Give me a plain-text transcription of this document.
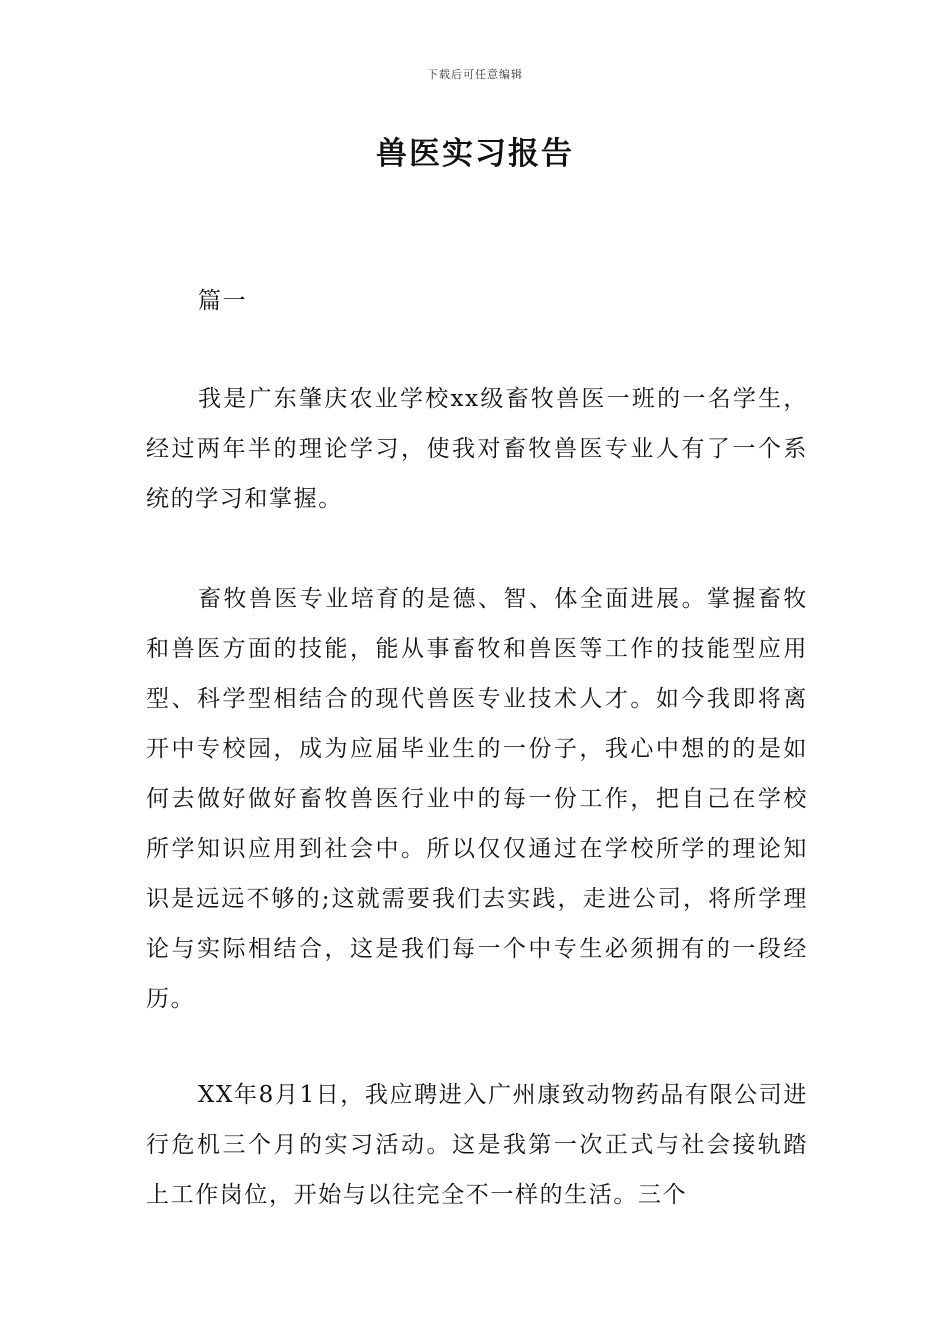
下载后可任意编辑
兽医实习报告

篇一

我是广东肇庆农业学校xx级畜牧兽医一班的一名学生，经过两年半的理论学习，使我对畜牧兽医专业人有了一个系统的学习和掌握。

畜牧兽医专业培育的是德、智、体全面进展。掌握畜牧和兽医方面的技能，能从事畜牧和兽医等工作的技能型应用型、科学型相结合的现代兽医专业技术人才。如今我即将离开中专校园，成为应届毕业生的一份子，我心中想的的是如何去做好做好畜牧兽医行业中的每一份工作，把自己在学校所学知识应用到社会中。所以仅仅通过在学校所学的理论知识是远远不够的;这就需要我们去实践，走进公司，将所学理论与实际相结合，这是我们每一个中专生必须拥有的一段经历。

XX年8月1日，我应聘进入广州康致动物药品有限公司进行危机三个月的实习活动。这是我第一次正式与社会接轨踏上工作岗位，开始与以往完全不一样的生活。三个
